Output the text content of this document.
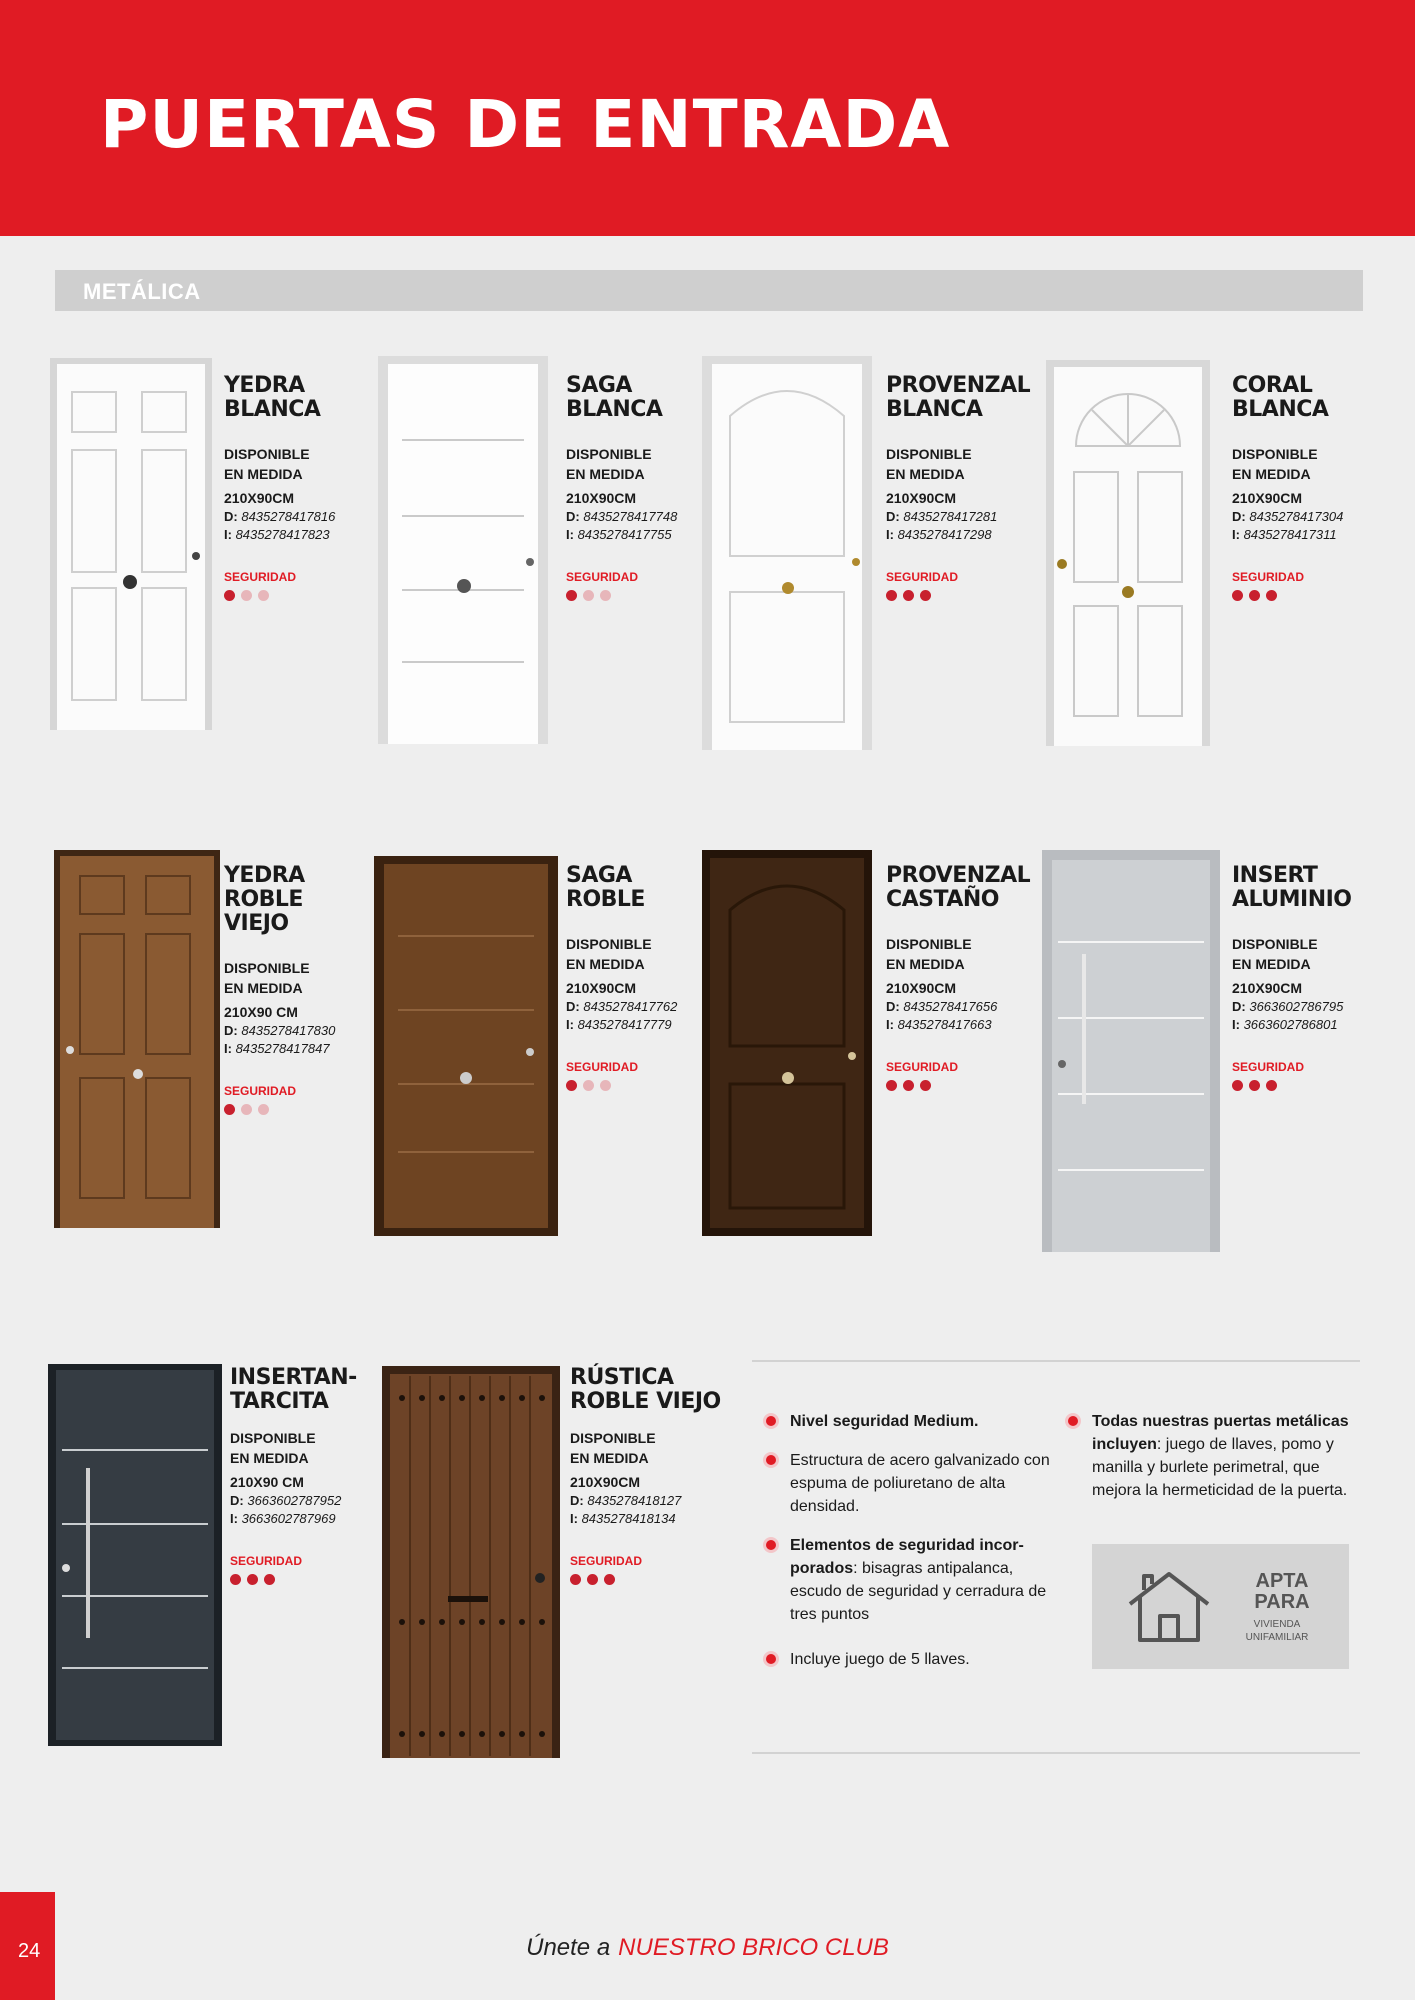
PUERTAS DE ENTRADA
METÁLICA
YEDRA
BLANCA
DISPONIBLE
EN MEDIDA
210X90CM
D: 8435278417816
I: 8435278417823
SEGURIDAD
SAGA
BLANCA
DISPONIBLE
EN MEDIDA
210X90CM
D: 8435278417748
I: 8435278417755
SEGURIDAD
PROVENZAL
BLANCA
DISPONIBLE
EN MEDIDA
210X90CM
D: 8435278417281
I: 8435278417298
SEGURIDAD
CORAL
BLANCA
DISPONIBLE
EN MEDIDA
210X90CM
D: 8435278417304
I: 8435278417311
SEGURIDAD
YEDRA
ROBLE VIEJO
DISPONIBLE
EN MEDIDA
210X90 CM
D: 8435278417830
I: 8435278417847
SEGURIDAD
SAGA
ROBLE
DISPONIBLE
EN MEDIDA
210X90CM
D: 8435278417762
I: 8435278417779
SEGURIDAD
PROVENZAL
CASTAÑO
DISPONIBLE
EN MEDIDA
210X90CM
D: 8435278417656
I: 8435278417663
SEGURIDAD
INSERT
ALUMINIO
DISPONIBLE
EN MEDIDA
210X90CM
D: 3663602786795
I: 3663602786801
SEGURIDAD
INSERTAN-
TARCITA
DISPONIBLE
EN MEDIDA
210X90 CM
D: 3663602787952
I: 3663602787969
SEGURIDAD
RÚSTICA
ROBLE VIEJO
DISPONIBLE
EN MEDIDA
210X90CM
D: 8435278418127
I: 8435278418134
SEGURIDAD
Nivel seguridad Medium.
Estructura de acero galvanizado con espuma de poliuretano de alta densidad.
Elementos de seguridad incor-porados: bisagras antipalanca, escudo de seguridad y cerradura de tres puntos
Incluye juego de 5 llaves.
Todas nuestras puertas metálicas incluyen: juego de llaves, pomo y manilla y burlete perimetral, que mejora la hermeticidad de la puerta.
APTA
PARA
VIVIENDA
UNIFAMILIAR
24	Únete a NUESTRO BRICO CLUB
